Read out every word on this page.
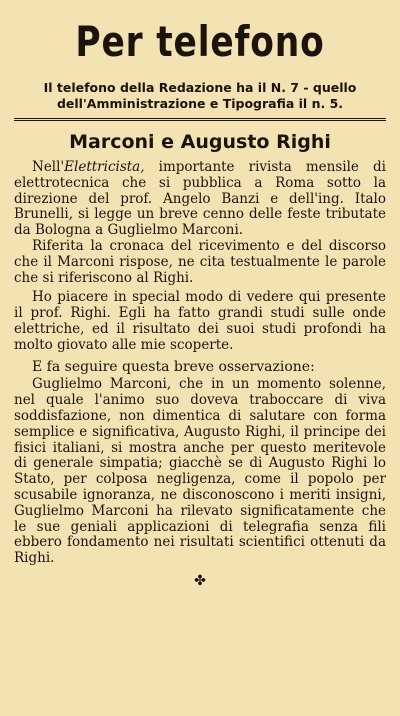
Per telefono
Il telefono della Redazione ha il N. 7 - quello
dell'Amministrazione e Tipografia il n. 5.
Marconi e Augusto Righi

Nell'Elettricista, importante rivista mensile di elettrotecnica che si pubblica a Roma sotto la direzione del prof. Angelo Banzi e dell'ing. Italo Brunelli, si legge un breve cenno delle feste tributate da Bologna a Guglielmo Marconi.

Riferita la cronaca del ricevimento e del discorso che il Marconi rispose, ne cita testualmente le parole che si riferiscono al Righi.

Ho piacere in special modo di vedere qui presente il prof. Righi. Egli ha fatto grandi studi sulle onde elettriche, ed il risultato dei suoi studi profondi ha molto giovato alle mie scoperte.

E fa seguire questa breve osservazione:

Guglielmo Marconi, che in un momento solenne, nel quale l'animo suo doveva traboccare di viva soddisfazione, non dimentica di salutare con forma semplice e significativa, Augusto Righi, il principe dei fisici italiani, si mostra anche per questo meritevole di generale simpatia; giacchè se di Augusto Righi lo Stato, per colposa negligenza, come il popolo per scusabile ignoranza, ne disconoscono i meriti insigni, Guglielmo Marconi ha rilevato significatamente che le sue geniali applicazioni di telegrafia senza fili ebbero fondamento nei risultati scientifici ottenuti da Righi.

✤
